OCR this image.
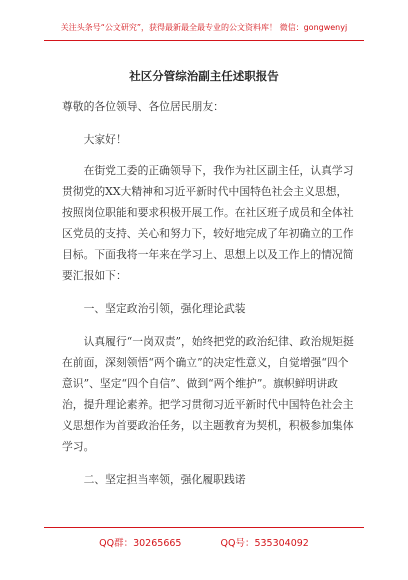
关注头条号“公文研究”，获得最新最全最专业的公文资料库！ 微信：gongwenyj
社区分管综治副主任述职报告

尊敬的各位领导、各位居民朋友：

大家好！

在街党工委的正确领导下，我作为社区副主任，认真学习贯彻党的XX大精神和习近平新时代中国特色社会主义思想，按照岗位职能和要求积极开展工作。在社区班子成员和全体社区党员的支持、关心和努力下，较好地完成了年初确立的工作目标。下面我将一年来在学习上、思想上以及工作上的情况简要汇报如下：

一、坚定政治引领，强化理论武装

认真履行“一岗双责”，始终把党的政治纪律、政治规矩挺在前面，深刻领悟“两个确立”的决定性意义，自觉增强“四个意识”、坚定“四个自信”、做到“两个维护”。旗帜鲜明讲政治，提升理论素养。把学习贯彻习近平新时代中国特色社会主义思想作为首要政治任务，以主题教育为契机，积极参加集体学习。

二、坚定担当率领，强化履职践诺

QQ群：30265665	QQ号：535304092
